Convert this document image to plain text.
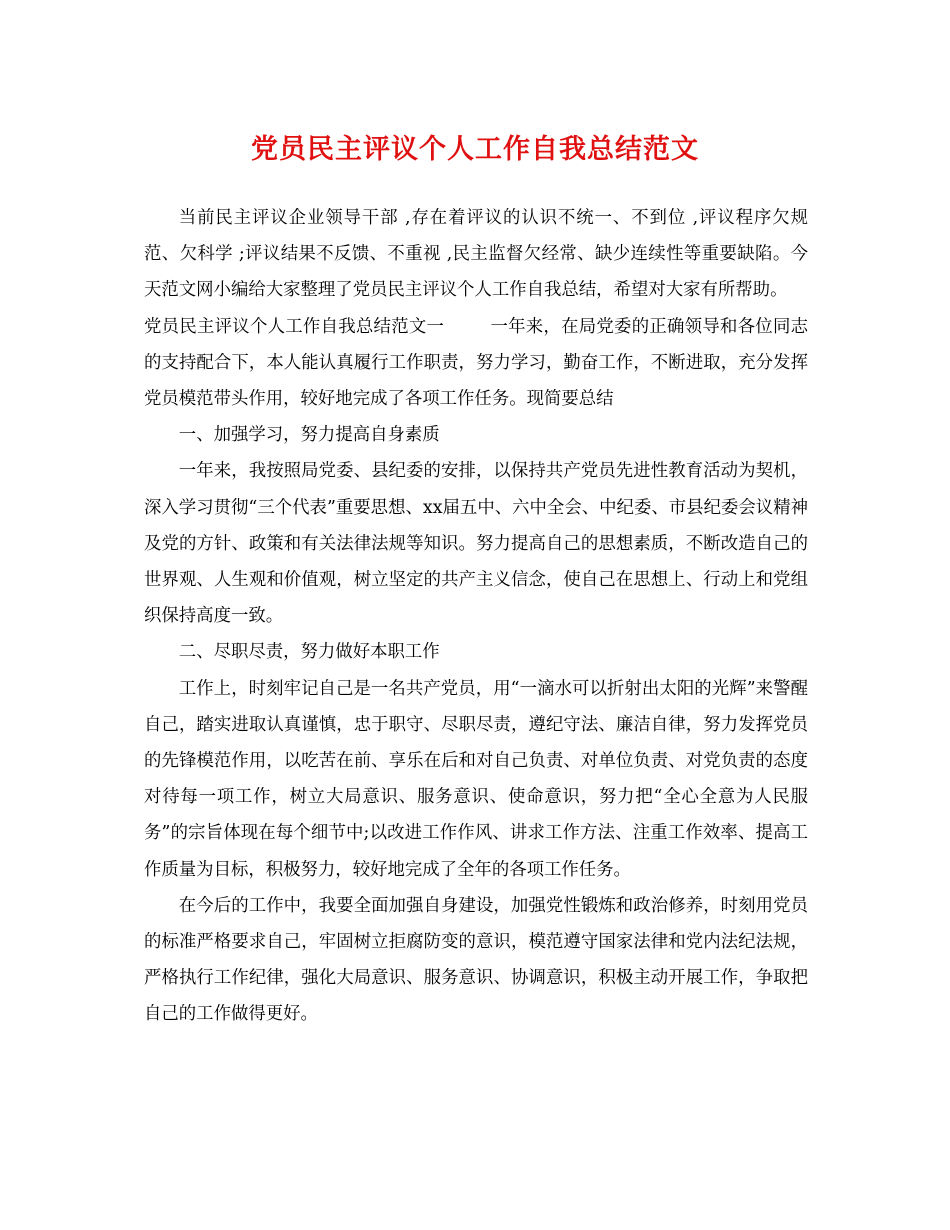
党员民主评议个人工作自我总结范文

当前民主评议企业领导干部 ,存在着评议的认识不统一、不到位 ,评议程序欠规范、欠科学 ;评议结果不反馈、不重视 ,民主监督欠经常、缺少连续性等重要缺陷。今天范文网小编给大家整理了党员民主评议个人工作自我总结，希望对大家有所帮助。

党员民主评议个人工作自我总结范文一	一年来，在局党委的正确领导和各位同志的支持配合下，本人能认真履行工作职责，努力学习，勤奋工作，不断进取，充分发挥党员模范带头作用，较好地完成了各项工作任务。现简要总结

一、加强学习，努力提高自身素质

一年来，我按照局党委、县纪委的安排，以保持共产党员先进性教育活动为契机，深入学习贯彻“三个代表”重要思想、xx届五中、六中全会、中纪委、市县纪委会议精神及党的方针、政策和有关法律法规等知识。努力提高自己的思想素质，不断改造自己的世界观、人生观和价值观，树立坚定的共产主义信念，使自己在思想上、行动上和党组织保持高度一致。

二、尽职尽责，努力做好本职工作

工作上，时刻牢记自己是一名共产党员，用“一滴水可以折射出太阳的光辉”来警醒自己，踏实进取认真谨慎，忠于职守、尽职尽责，遵纪守法、廉洁自律，努力发挥党员的先锋模范作用，以吃苦在前、享乐在后和对自己负责、对单位负责、对党负责的态度对待每一项工作，树立大局意识、服务意识、使命意识，努力把“全心全意为人民服务”的宗旨体现在每个细节中;以改进工作作风、讲求工作方法、注重工作效率、提高工作质量为目标，积极努力，较好地完成了全年的各项工作任务。

在今后的工作中，我要全面加强自身建设，加强党性锻炼和政治修养，时刻用党员的标准严格要求自己，牢固树立拒腐防变的意识，模范遵守国家法律和党内法纪法规，严格执行工作纪律，强化大局意识、服务意识、协调意识，积极主动开展工作，争取把自己的工作做得更好。
